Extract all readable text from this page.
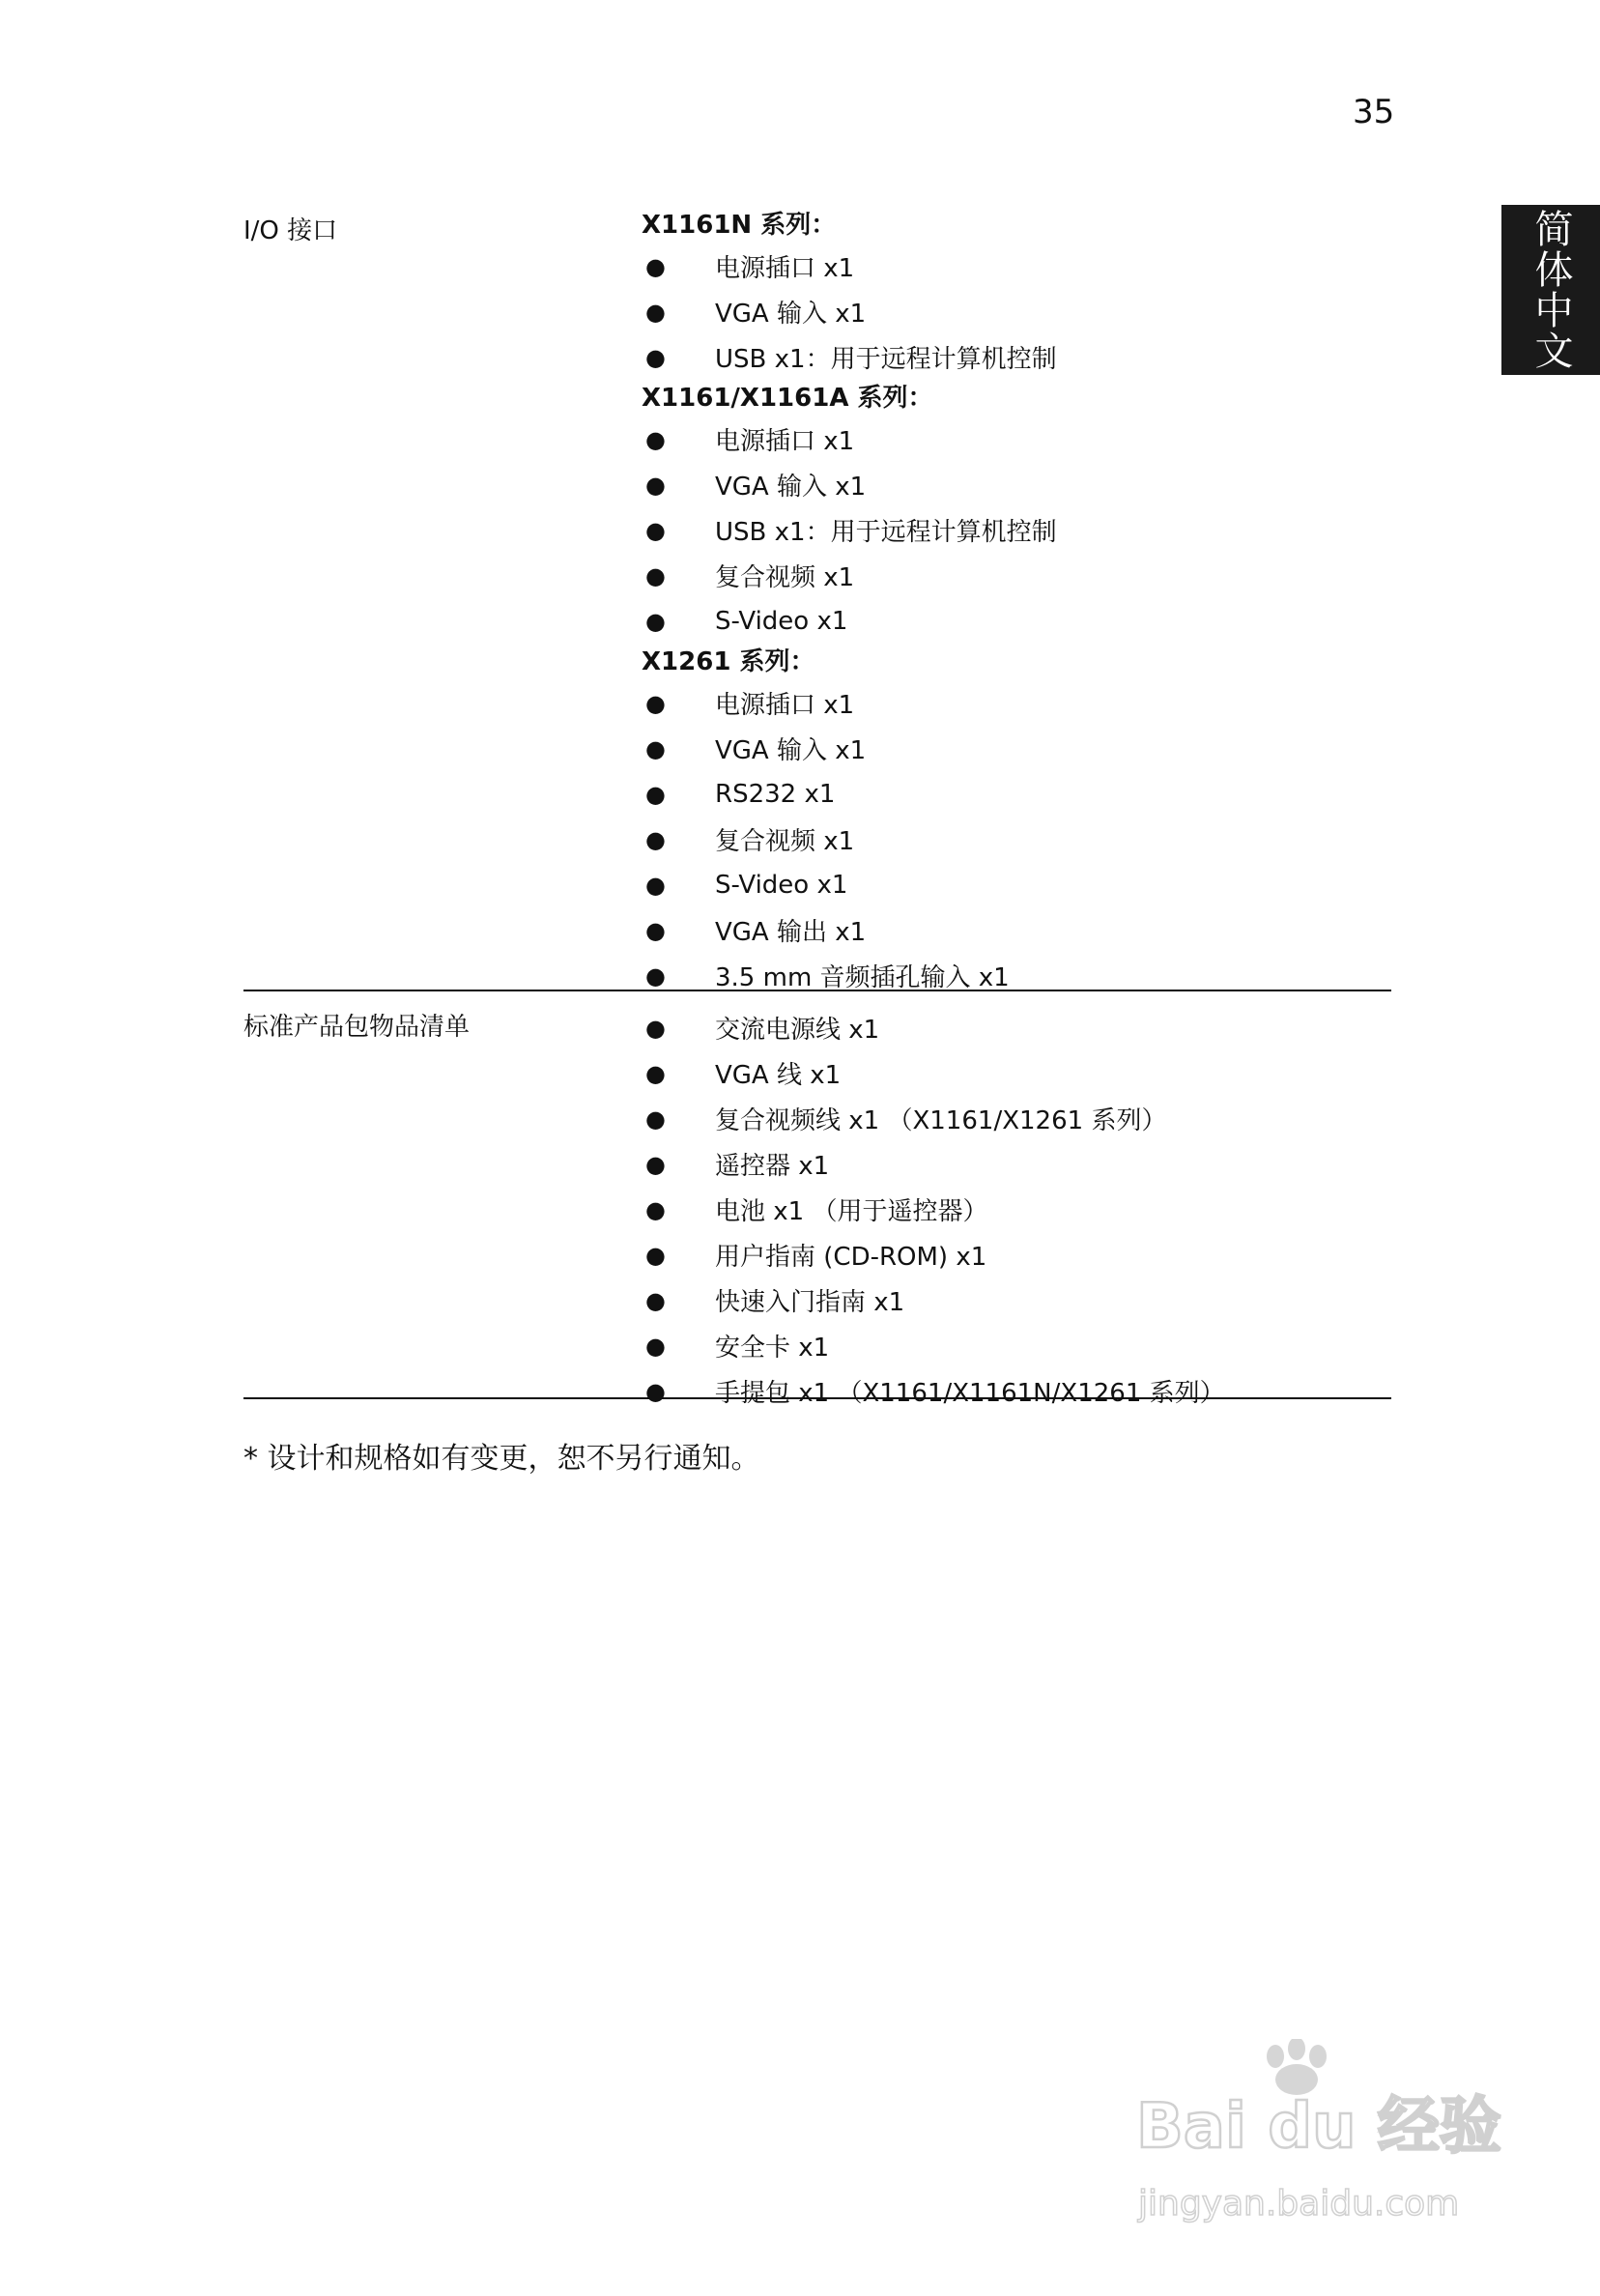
35
简体中文
I/O 接口	X1161N 系列：
●	电源插口 x1
●	VGA 输入 x1
●	USB x1：用于远程计算机控制
X1161/X1161A 系列：
●	电源插口 x1
●	VGA 输入 x1
●	USB x1：用于远程计算机控制
●	复合视频 x1
●	S-Video x1
X1261 系列：
●	电源插口 x1
●	VGA 输入 x1
●	RS232 x1
●	复合视频 x1
●	S-Video x1
●	VGA 输出 x1
●	3.5 mm 音频插孔输入 x1
标准产品包物品清单	●	交流电源线 x1
●	VGA 线 x1
●	复合视频线 x1 （X1161/X1261 系列）
●	遥控器 x1
●	电池 x1 （用于遥控器）
●	用户指南 (CD-ROM) x1
●	快速入门指南 x1
●	安全卡 x1
●	手提包 x1 （X1161/X1161N/X1261 系列）
* 设计和规格如有变更，恕不另行通知。
Bai du 经验
jingyan.baidu.com
